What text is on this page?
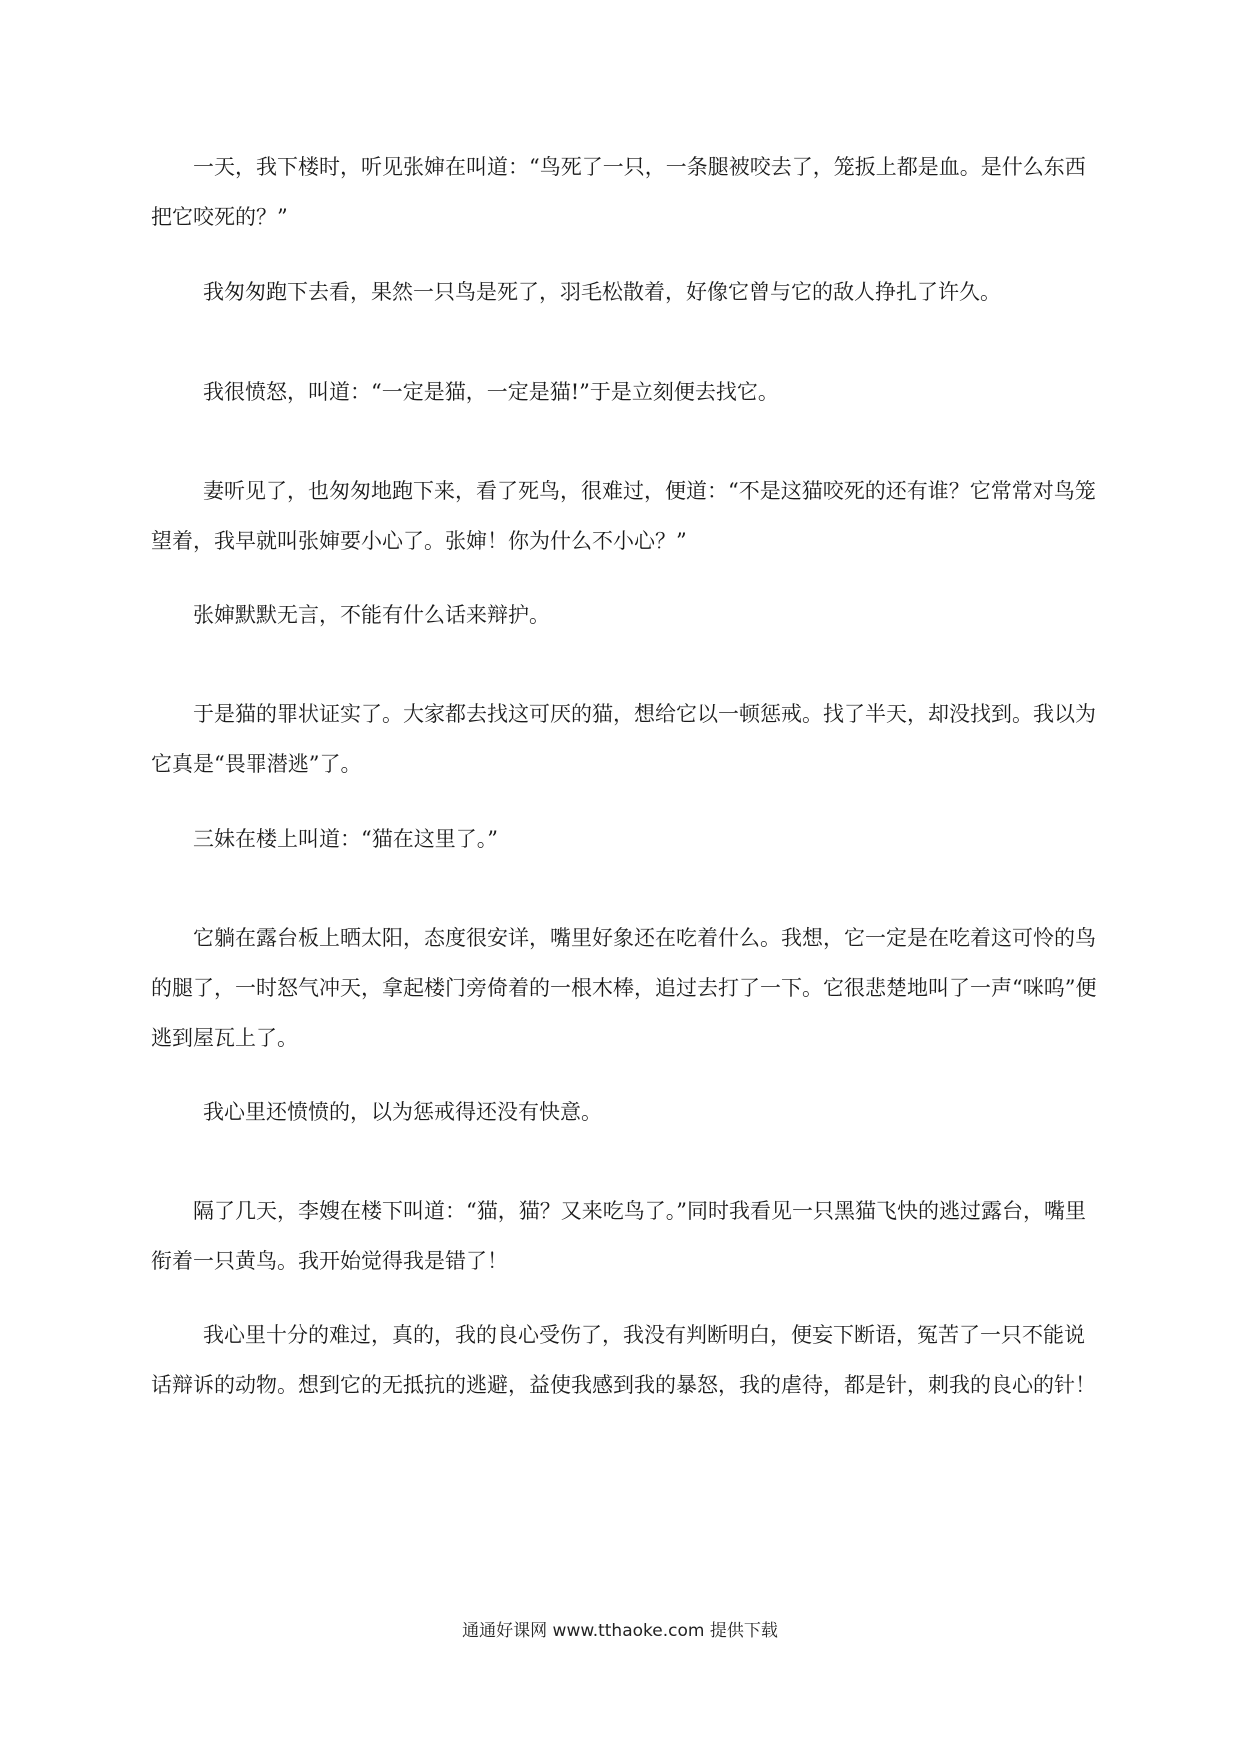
一天，我下楼时，听见张婶在叫道：“鸟死了一只，一条腿被咬去了，笼扳上都是血。是什么东西把它咬死的？”

我匆匆跑下去看，果然一只鸟是死了，羽毛松散着，好像它曾与它的敌人挣扎了许久。

我很愤怒，叫道：“一定是猫，一定是猫!”于是立刻便去找它。

妻听见了，也匆匆地跑下来，看了死鸟，很难过，便道：“不是这猫咬死的还有谁？它常常对鸟笼望着，我早就叫张婶要小心了。张婶！你为什么不小心？”

张婶默默无言，不能有什么话来辩护。

于是猫的罪状证实了。大家都去找这可厌的猫，想给它以一顿惩戒。找了半天，却没找到。我以为它真是“畏罪潜逃”了。

三妹在楼上叫道：“猫在这里了。”

它躺在露台板上晒太阳，态度很安详，嘴里好象还在吃着什么。我想，它一定是在吃着这可怜的鸟的腿了，一时怒气冲天，拿起楼门旁倚着的一根木棒，追过去打了一下。它很悲楚地叫了一声“咪呜”便逃到屋瓦上了。

我心里还愤愤的，以为惩戒得还没有快意。

隔了几天，李嫂在楼下叫道：“猫，猫？又来吃鸟了。”同时我看见一只黑猫飞快的逃过露台，嘴里衔着一只黄鸟。我开始觉得我是错了！

我心里十分的难过，真的，我的良心受伤了，我没有判断明白，便妄下断语，冤苦了一只不能说话辩诉的动物。想到它的无抵抗的逃避，益使我感到我的暴怒，我的虐待，都是针，刺我的良心的针！

通通好课网 www.tthaoke.com 提供下载
